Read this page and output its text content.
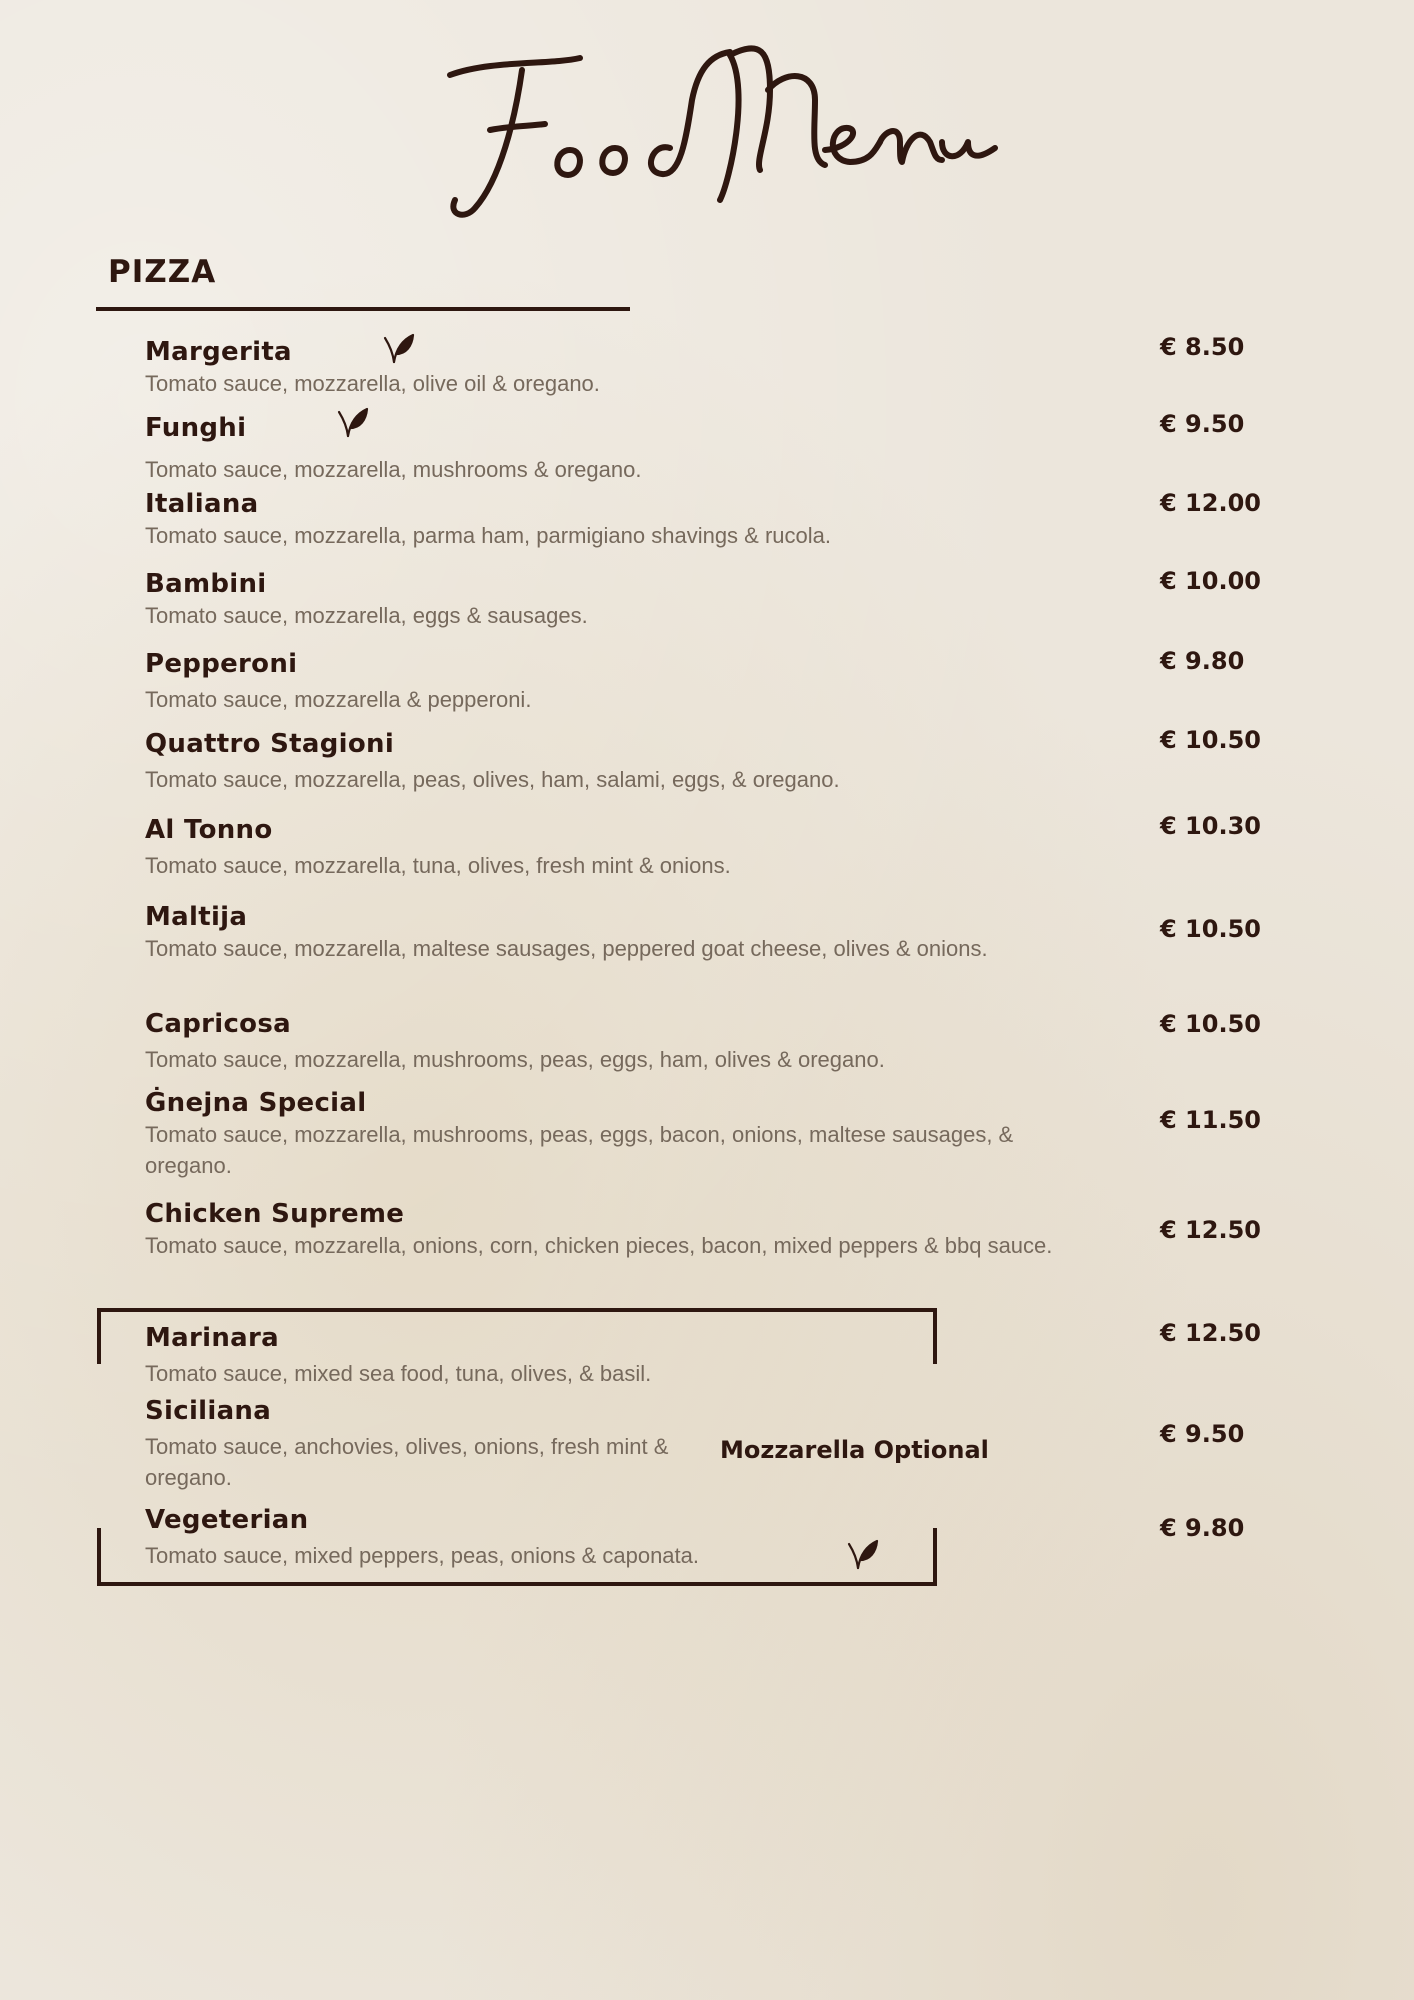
PIZZA
Margerita
Tomato sauce, mozzarella, olive oil & oregano.
€ 8.50
Funghi
Tomato sauce, mozzarella, mushrooms & oregano.
€ 9.50
Italiana
Tomato sauce, mozzarella, parma ham, parmigiano shavings & rucola.
€ 12.00
Bambini
Tomato sauce, mozzarella, eggs & sausages.
€ 10.00
Pepperoni
Tomato sauce, mozzarella & pepperoni.
€ 9.80
Quattro Stagioni
Tomato sauce, mozzarella, peas, olives, ham, salami, eggs, & oregano.
€ 10.50
Al Tonno
Tomato sauce, mozzarella, tuna, olives, fresh mint & onions.
€ 10.30
Maltija
Tomato sauce, mozzarella, maltese sausages, peppered goat cheese, olives & onions.
€ 10.50
Capricosa
Tomato sauce, mozzarella, mushrooms, peas, eggs, ham, olives & oregano.
€ 10.50
Ġnejna Special
Tomato sauce, mozzarella, mushrooms, peas, eggs, bacon, onions, maltese sausages, & oregano.
€ 11.50
Chicken Supreme
Tomato sauce, mozzarella, onions, corn, chicken pieces, bacon, mixed peppers & bbq sauce.
€ 12.50
Marinara
Tomato sauce, mixed sea food, tuna, olives, & basil.
€ 12.50
Siciliana
Tomato sauce, anchovies, olives, onions, fresh mint & oregano.
€ 9.50
Mozzarella Optional
Vegeterian
Tomato sauce, mixed peppers, peas, onions & caponata.
€ 9.80
